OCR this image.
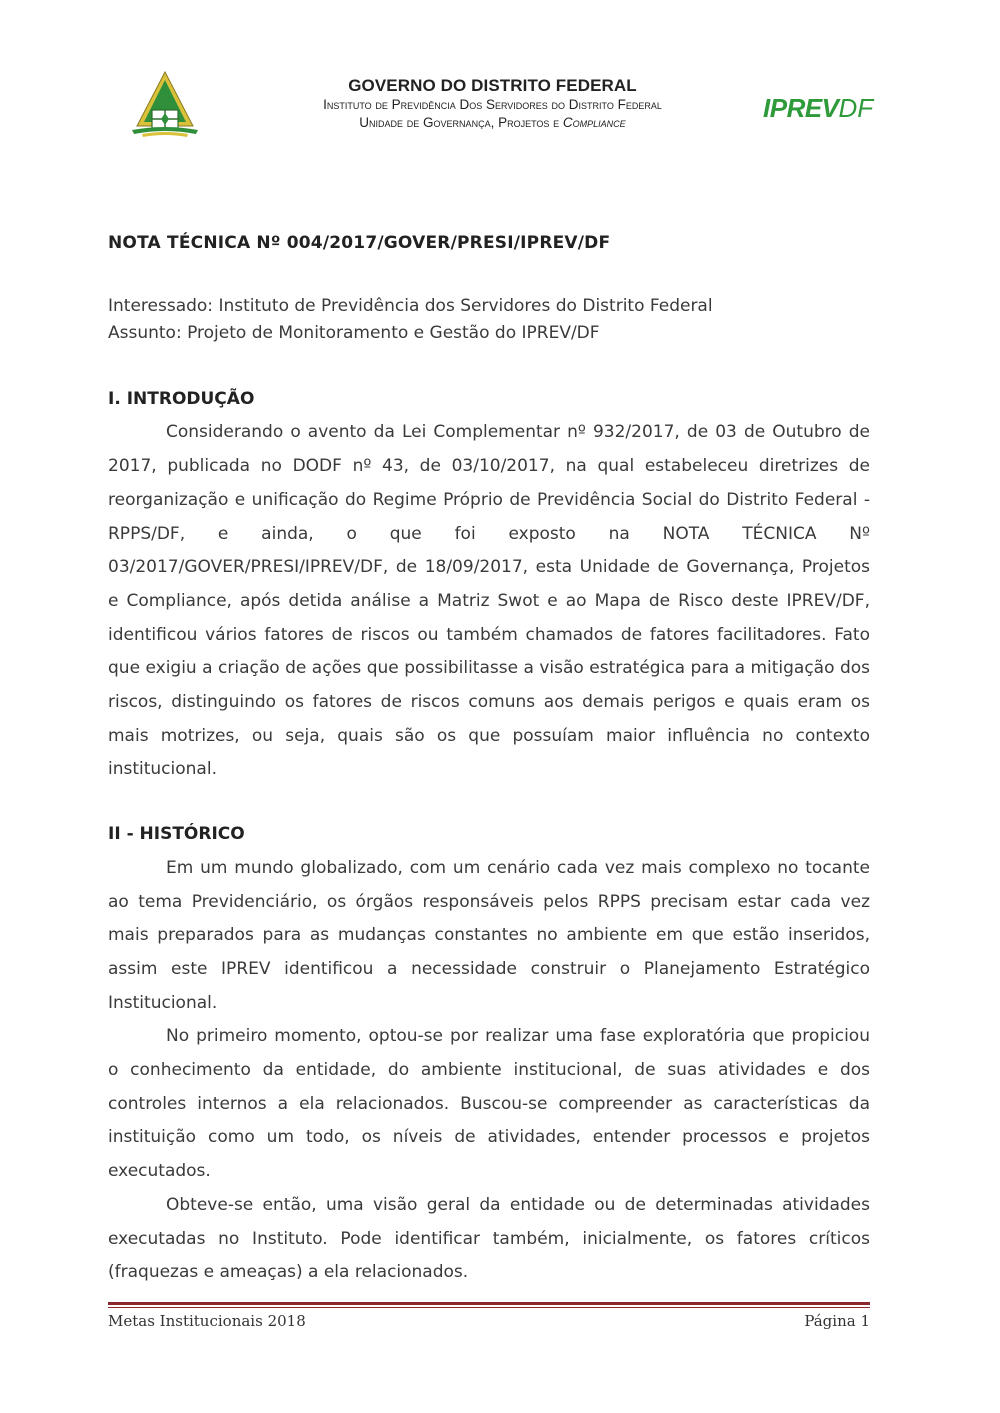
GOVERNO DO DISTRITO FEDERAL
Instituto de Previdência Dos Servidores do Distrito Federal
Unidade de Governança, Projetos e Compliance	IPREVDF

NOTA TÉCNICA Nº 004/2017/GOVER/PRESI/IPREV/DF

Interessado: Instituto de Previdência dos Servidores do Distrito Federal

Assunto: Projeto de Monitoramento e Gestão do IPREV/DF

I. INTRODUÇÃO

Considerando o avento da Lei Complementar nº 932/2017, de 03 de Outubro de 2017, publicada no DODF nº 43, de 03/10/2017, na qual estabeleceu diretrizes de reorganização e unificação do Regime Próprio de Previdência Social do Distrito Federal - RPPS/DF, e ainda, o que foi exposto na NOTA TÉCNICA Nº 03/2017/GOVER/PRESI/IPREV/DF, de 18/09/2017, esta Unidade de Governança, Projetos e Compliance, após detida análise a Matriz Swot e ao Mapa de Risco deste IPREV/DF, identificou vários fatores de riscos ou também chamados de fatores facilitadores. Fato que exigiu a criação de ações que possibilitasse a visão estratégica para a mitigação dos riscos, distinguindo os fatores de riscos comuns aos demais perigos e quais eram os mais motrizes, ou seja, quais são os que possuíam maior influência no contexto institucional.

II - HISTÓRICO

Em um mundo globalizado, com um cenário cada vez mais complexo no tocante ao tema Previdenciário, os órgãos responsáveis pelos RPPS precisam estar cada vez mais preparados para as mudanças constantes no ambiente em que estão inseridos, assim este IPREV identificou a necessidade construir o Planejamento Estratégico Institucional.

No primeiro momento, optou-se por realizar uma fase exploratória que propiciou o conhecimento da entidade, do ambiente institucional, de suas atividades e dos controles internos a ela relacionados. Buscou-se compreender as características da instituição como um todo, os níveis de atividades, entender processos e projetos executados.

Obteve-se então, uma visão geral da entidade ou de determinadas atividades executadas no Instituto. Pode identificar também, inicialmente, os fatores críticos (fraquezas e ameaças) a ela relacionados.

Metas Institucionais 2018	Página 1
